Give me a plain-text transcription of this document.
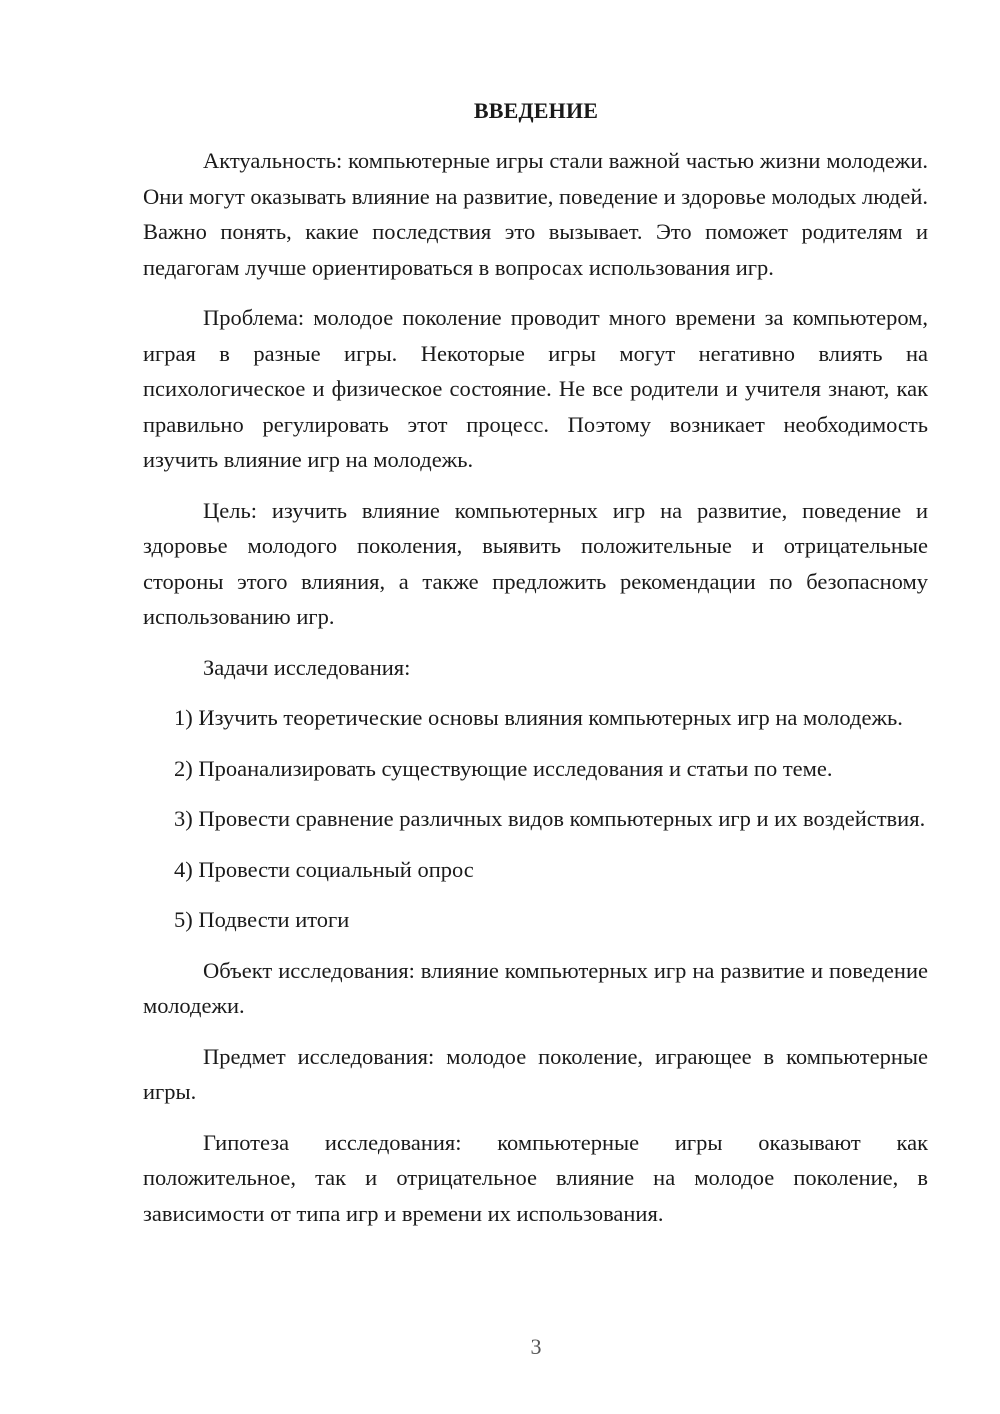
ВВЕДЕНИЕ

Актуальность: компьютерные игры стали важной частью жизни молодежи. Они могут оказывать влияние на развитие, поведение и здоровье молодых людей. Важно понять, какие последствия это вызывает. Это поможет родителям и педагогам лучше ориентироваться в вопросах использования игр.

Проблема: молодое поколение проводит много времени за компьютером, играя в разные игры. Некоторые игры могут негативно влиять на психологическое и физическое состояние. Не все родители и учителя знают, как правильно регулировать этот процесс. Поэтому возникает необходимость изучить влияние игр на молодежь.

Цель: изучить влияние компьютерных игр на развитие, поведение и здоровье молодого поколения, выявить положительные и отрицательные стороны этого влияния, а также предложить рекомендации по безопасному использованию игр.

Задачи исследования:

1) Изучить теоретические основы влияния компьютерных игр на молодежь.

2) Проанализировать существующие исследования и статьи по теме.

3) Провести сравнение различных видов компьютерных игр и их воздействия.

4) Провести социальный опрос

5) Подвести итоги

Объект исследования: влияние компьютерных игр на развитие и поведение молодежи.

Предмет исследования: молодое поколение, играющее в компьютерные игры.

Гипотеза исследования: компьютерные игры оказывают как положительное, так и отрицательное влияние на молодое поколение, в зависимости от типа игр и времени их использования.

3
